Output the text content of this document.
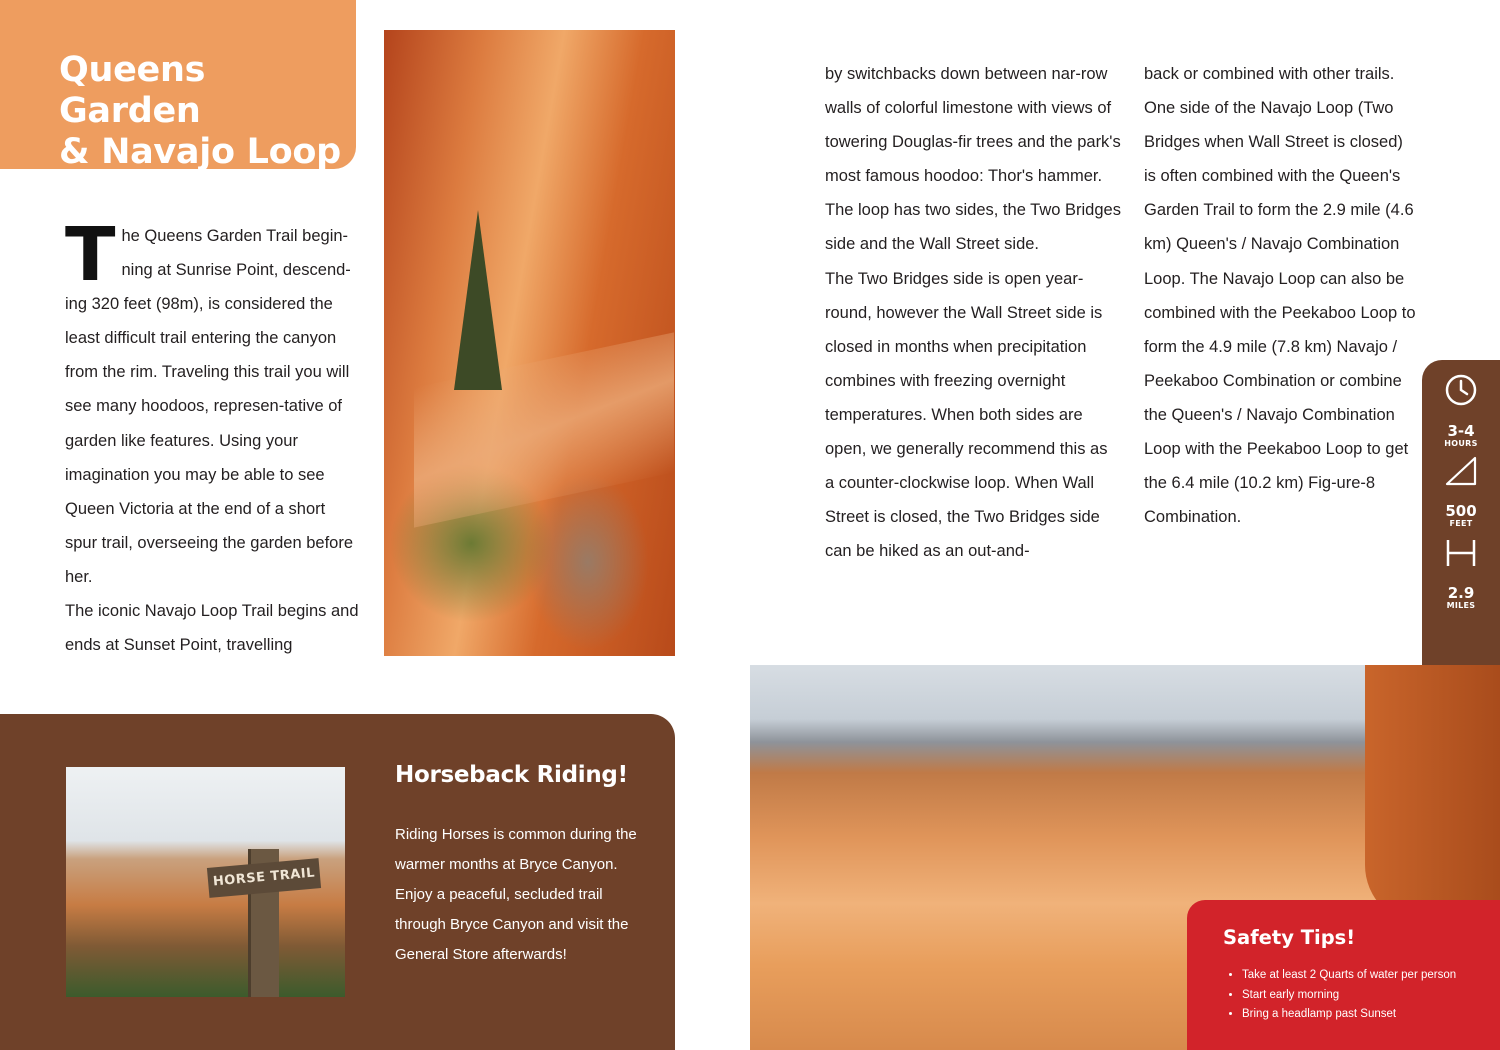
Queens Garden
& Navajo Loop

The Queens Garden Trail begin-ning at Sunrise Point, descend-ing 320 feet (98m), is considered the least difficult trail entering the canyon from the rim. Traveling this trail you will see many hoodoos, represen-tative of garden like features. Using your imagination you may be able to see Queen Victoria at the end of a short spur trail, overseeing the garden before her.

The iconic Navajo Loop Trail begins and ends at Sunset Point, travelling

by switchbacks down between nar-row walls of colorful limestone with views of towering Douglas-fir trees and the park's most famous hoodoo: Thor's hammer. The loop has two sides, the Two Bridges side and the Wall Street side.

The Two Bridges side is open year-round, however the Wall Street side is closed in months when precipitation combines with freezing overnight temperatures. When both sides are open, we generally recommend this as a counter-clockwise loop. When Wall Street is closed, the Two Bridges side can be hiked as an out-and-

back or combined with other trails. One side of the Navajo Loop (Two Bridges when Wall Street is closed) is often combined with the Queen's Garden Trail to form the 2.9 mile (4.6 km) Queen's / Navajo Combination Loop. The Navajo Loop can also be combined with the Peekaboo Loop to form the 4.9 mile (7.8 km) Navajo / Peekaboo Combination or combine the Queen's / Navajo Combination Loop with the Peekaboo Loop to get the 6.4 mile (10.2 km) Fig-ure-8 Combination.

3-4
HOURS
500
FEET
2.9
MILES
HORSE TRAIL
Horseback Riding!

Riding Horses is common during the warmer months at Bryce Canyon. Enjoy a peaceful, secluded trail through Bryce Canyon and visit the General Store afterwards!

Safety Tips!
• Take at least 2 Quarts of water per person
• Start early morning
• Bring a headlamp past Sunset
